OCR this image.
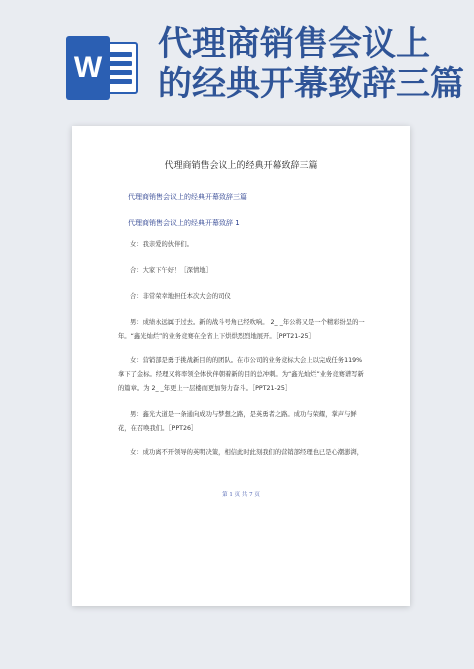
W
代理商销售会议上
的经典开幕致辞三篇
代理商销售会议上的经典开幕致辞三篇
代理商销售会议上的经典开幕致辞三篇
代理商销售会议上的经典开幕致辞 1
女：我亲爱的伙伴们。
合：大家下午好！［深情地］
合：非常荣幸地担任本次大会的司仪
男：成绩永远属于过去。新的战斗号角已经吹响。 2_ _年公将又是一个精彩纷呈的一年。“鑫光灿烂”的业务竞赛在全省上下烘烘烈烈地展开。［PPT21-25］
女：营销部是勇于挑战新目的的团队。在市公司的业务竞标大会上以完成任务119%拿下了金标。经理又将率领全体伙伴朝着新的目的总冲刺。为“鑫光灿烂”业务竞赛谱写新的篇章。为 2_ _年更上一层楼而更加努力奋斗。［PPT21-25］
男：鑫光大道是一条通向成功与梦想之路，是英勇者之路。成功与荣耀，掌声与鲜花，在召唤我们。［PPT26］
女：成功离不开领导的英明决策，相信此时此刻我们的营销部经理也已是心潮澎湃，
第 1 页 共 7 页
